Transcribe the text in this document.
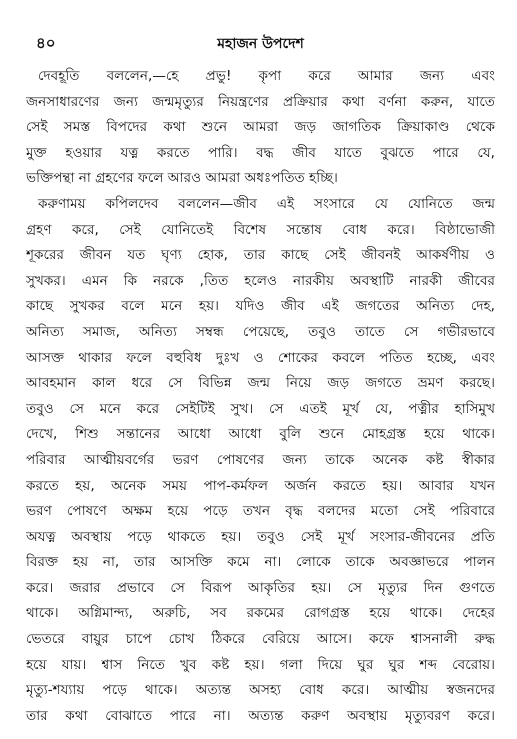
৪০	মহাজন উপদেশ
দেবহূতি বললেন,—হে প্রভু! কৃপা করে আমার জন্য এবং
জনসাধারণের জন্য জন্মমৃত্যুর নিয়ন্ত্রণের প্রক্রিয়ার কথা বর্ণনা করুন, যাতে
সেই সমস্ত বিপদের কথা শুনে আমরা জড় জাগতিক ক্রিয়াকাণ্ড থেকে
মুক্ত হওয়ার যত্ন করতে পারি। বদ্ধ জীব যাতে বুঝতে পারে যে,
ভক্তিপন্থা না গ্রহণের ফলে আরও আমরা অধঃপতিত হচ্ছি।
করুণাময় কপিলদেব বললেন—জীব এই সংসারে যে যোনিতে জন্ম
গ্রহণ করে, সেই যোনিতেই বিশেষ সন্তোষ বোধ করে। বিষ্ঠাভোজী
শূকরের জীবন যত ঘৃণ্য হোক, তার কাছে সেই জীবনই আকর্ষণীয় ও
সুখকর। এমন কি নরকে ,তিত হলেও নারকীয় অবস্থাটি নারকী জীবের
কাছে সুখকর বলে মনে হয়। যদিও জীব এই জগতের অনিত্য দেহ,
অনিত্য সমাজ, অনিত্য সম্বন্ধ পেয়েছে, তবুও তাতে সে গভীরভাবে
আসক্ত থাকার ফলে বহুবিধ দুঃখ ও শোকের কবলে পতিত হচ্ছে, এবং
আবহমান কাল ধরে সে বিভিন্ন জন্ম নিয়ে জড় জগতে ভ্রমণ করছে।
তবুও সে মনে করে সেইটিই সুখ। সে এতই মূর্খ যে, পত্নীর হাসিমুখ
দেখে, শিশু সন্তানের আধো আধো বুলি শুনে মোহগ্রস্ত হয়ে থাকে।
পরিবার আত্মীয়বর্গের ভরণ পোষণের জন্য তাকে অনেক কষ্ট স্বীকার
করতে হয়, অনেক সময় পাপ-কর্মফল অর্জন করতে হয়। আবার যখন
ভরণ পোষণে অক্ষম হয়ে পড়ে তখন বৃদ্ধ বলদের মতো সেই পরিবারে
অযত্ন অবস্থায় পড়ে থাকতে হয়। তবুও সেই মূর্খ সংসার-জীবনের প্রতি
বিরক্ত হয় না, তার আসক্তি কমে না। লোকে তাকে অবজ্ঞাভরে পালন
করে। জরার প্রভাবে সে বিরূপ আকৃতির হয়। সে মৃত্যুর দিন গুণতে
থাকে। অগ্নিমান্দ্য, অরুচি, সব রকমের রোগগ্রস্ত হয়ে থাকে। দেহের
ভেতরে বায়ুর চাপে চোখ ঠিকরে বেরিয়ে আসে। কফে শ্বাসনালী রুদ্ধ
হয়ে যায়। শ্বাস নিতে খুব কষ্ট হয়। গলা দিয়ে ঘুর ঘুর শব্দ বেরোয়।
মৃত্যু-শয্যায় পড়ে থাকে। অত্যন্ত অসহ্য বোধ করে। আত্মীয় স্বজনদের
তার কথা বোঝাতে পারে না। অত্যন্ত করুণ অবস্থায় মৃত্যুবরণ করে।
